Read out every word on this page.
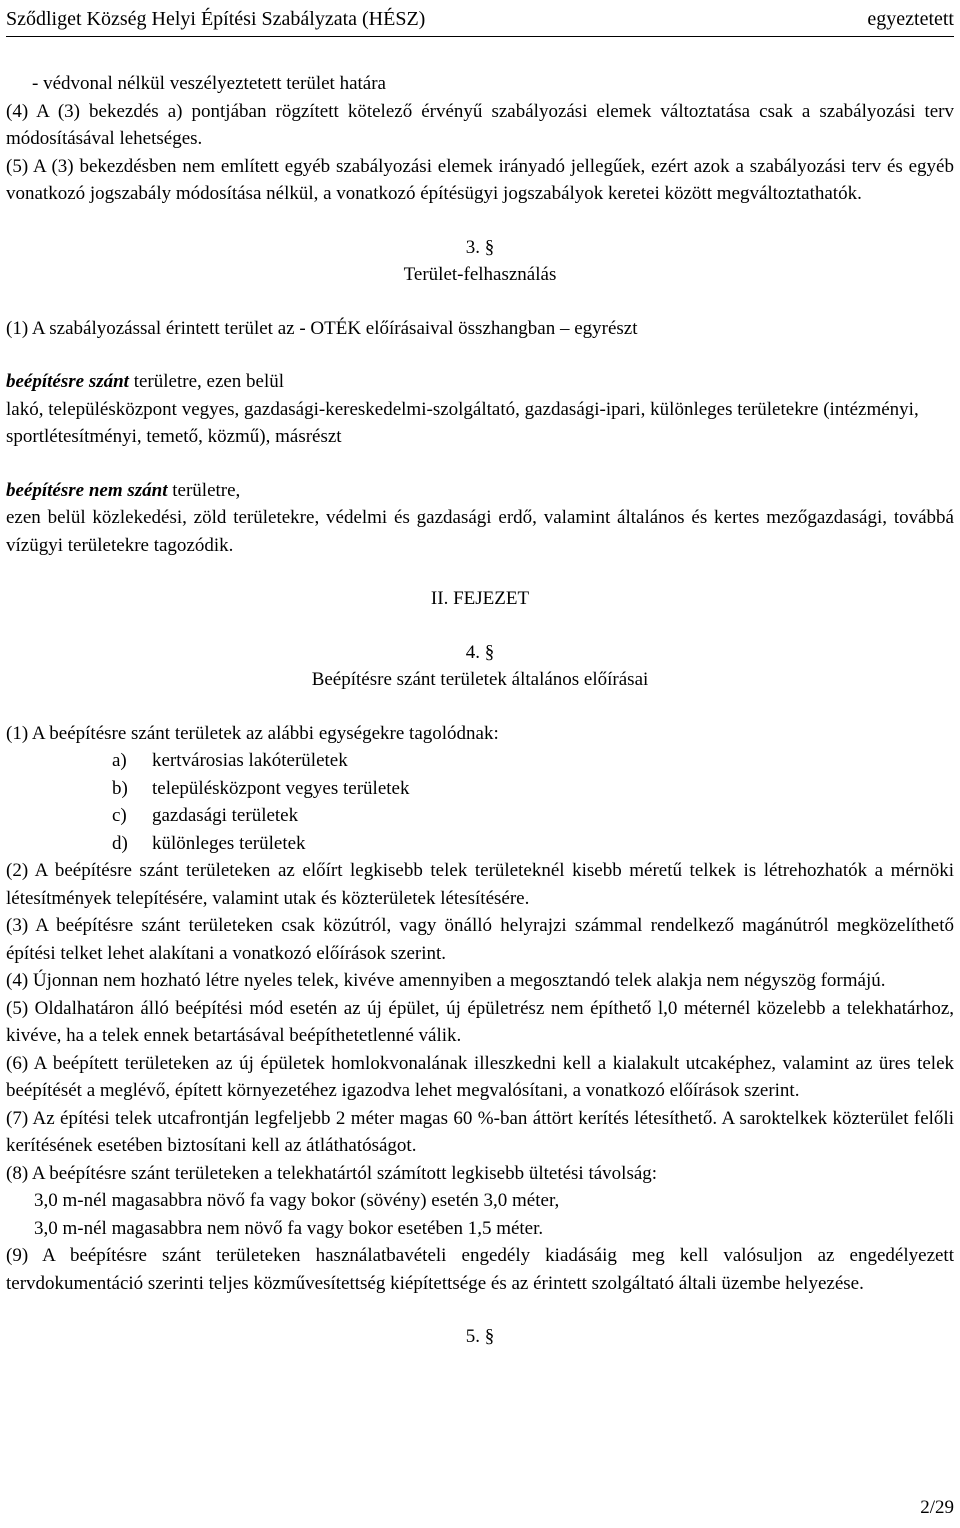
Sződliget Község Helyi Építési Szabályzata (HÉSZ)	egyeztetett

- védvonal nélkül veszélyeztetett terület határa

(4) A (3) bekezdés a) pontjában rögzített kötelező érvényű szabályozási elemek változtatása csak a szabályozási terv módosításával lehetséges.

(5) A (3) bekezdésben nem említett egyéb szabályozási elemek irányadó jellegűek, ezért azok a szabályozási terv és egyéb vonatkozó jogszabály módosítása nélkül, a vonatkozó építésügyi jogszabályok keretei között megváltoztathatók.

3. §

Terület-felhasználás

(1) A szabályozással érintett terület az - OTÉK előírásaival összhangban – egyrészt

beépítésre szánt területre, ezen belül

lakó, településközpont vegyes, gazdasági-kereskedelmi-szolgáltató, gazdasági-ipari, különleges területekre (intézményi, sportlétesítményi, temető, közmű), másrészt

beépítésre nem szánt területre,

ezen belül közlekedési, zöld területekre, védelmi és gazdasági erdő, valamint általános és kertes mezőgazdasági, továbbá vízügyi területekre tagozódik.

II. FEJEZET

4. §

Beépítésre szánt területek általános előírásai

(1) A beépítésre szánt területek az alábbi egységekre tagolódnak:

a) kertvárosias lakóterületek
b) településközpont vegyes területek
c) gazdasági területek
d) különleges területek

(2) A beépítésre szánt területeken az előírt legkisebb telek területeknél kisebb méretű telkek is létrehozhatók a mérnöki létesítmények telepítésére, valamint utak és közterületek létesítésére.

(3) A beépítésre szánt területeken csak közútról, vagy önálló helyrajzi számmal rendelkező magánútról megközelíthető építési telket lehet alakítani a vonatkozó előírások szerint.

(4) Újonnan nem hozható létre nyeles telek, kivéve amennyiben a megosztandó telek alakja nem négyszög formájú.

(5) Oldalhatáron álló beépítési mód esetén az új épület, új épületrész nem építhető l,0 méternél közelebb a telekhatárhoz, kivéve, ha a telek ennek betartásával beépíthetetlenné válik.

(6) A beépített területeken az új épületek homlokvonalának illeszkedni kell a kialakult utcaképhez, valamint az üres telek beépítését a meglévő, épített környezetéhez igazodva lehet megvalósítani, a vonatkozó előírások szerint.

(7) Az építési telek utcafrontján legfeljebb 2 méter magas 60 %-ban áttört kerítés létesíthető. A saroktelkek közterület felőli kerítésének esetében biztosítani kell az átláthatóságot.

(8) A beépítésre szánt területeken a telekhatártól számított legkisebb ültetési távolság:

3,0 m-nél magasabbra növő fa vagy bokor (sövény) esetén 3,0 méter,

3,0 m-nél magasabbra nem növő fa vagy bokor esetében 1,5 méter.

(9) A beépítésre szánt területeken használatbavételi engedély kiadásáig meg kell valósuljon az engedélyezett tervdokumentáció szerinti teljes közművesítettség kiépítettsége és az érintett szolgáltató általi üzembe helyezése.

5. §

2/29
